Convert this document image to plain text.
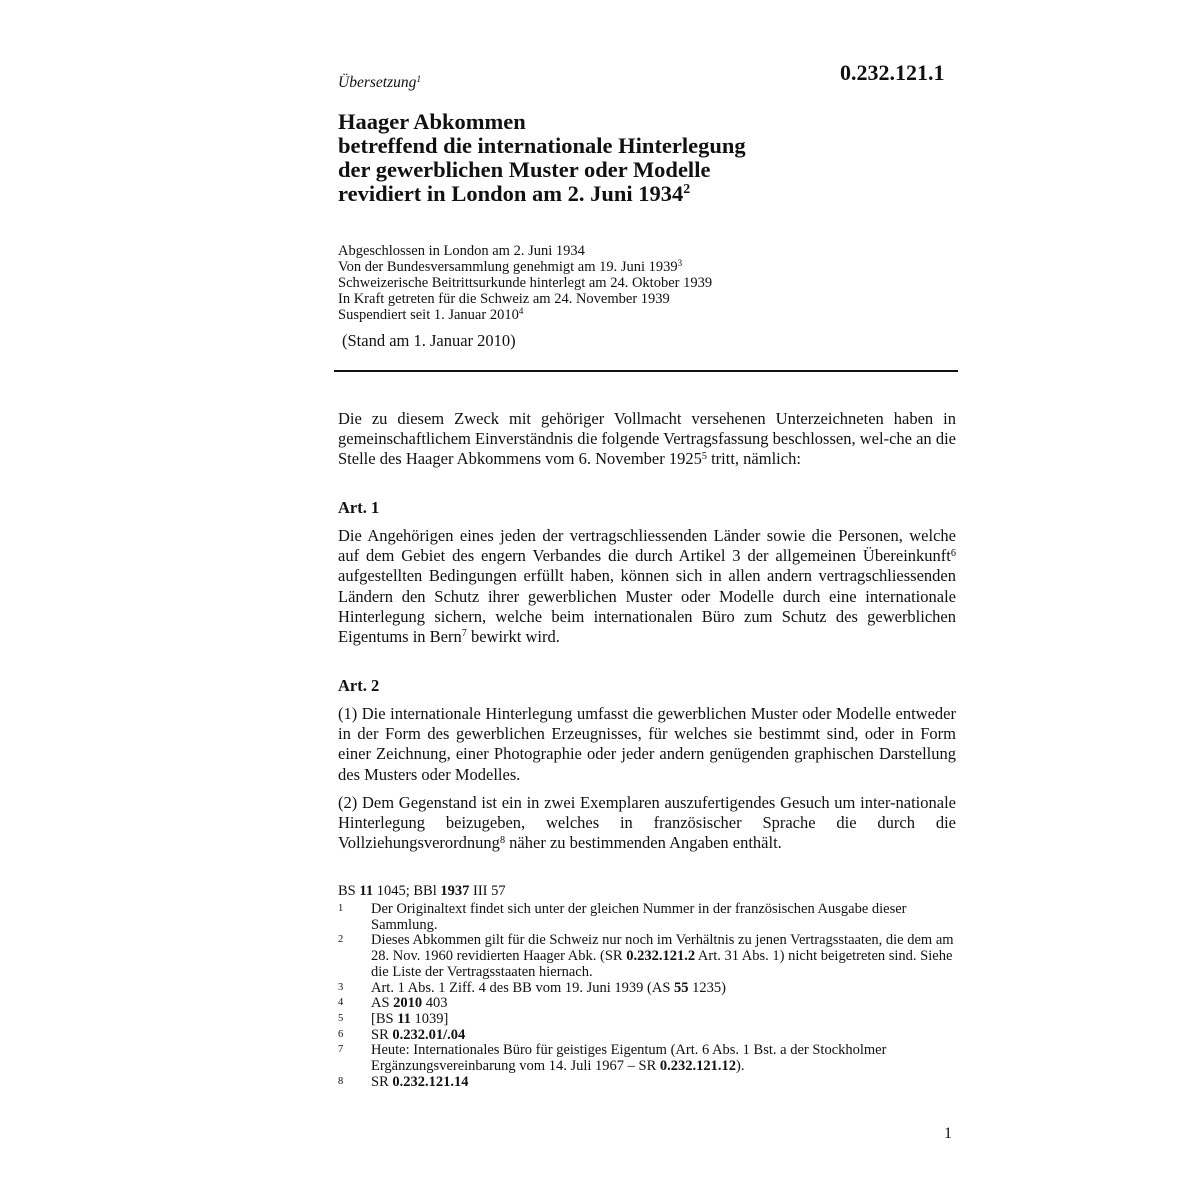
Übersetzung$^1$	0.232.121.1
Haager Abkommen
betreffend die internationale Hinterlegung
der gewerblichen Muster oder Modelle
revidiert in London am 2. Juni 1934$^2$
Abgeschlossen in London am 2. Juni 1934
Von der Bundesversammlung genehmigt am 19. Juni 1939$^3$
Schweizerische Beitrittsurkunde hinterlegt am 24. Oktober 1939
In Kraft getreten für die Schweiz am 24. November 1939
Suspendiert seit 1. Januar 2010$^4$
(Stand am 1. Januar 2010)
Die zu diesem Zweck mit gehöriger Vollmacht versehenen Unterzeichneten haben in gemeinschaftlichem Einverständnis die folgende Vertragsfassung beschlossen, wel-che an die Stelle des Haager Abkommens vom 6. November 1925$^5$ tritt, nämlich:
Art. 1
Die Angehörigen eines jeden der vertragschliessenden Länder sowie die Personen, welche auf dem Gebiet des engern Verbandes die durch Artikel 3 der allgemeinen Übereinkunft$^6$ aufgestellten Bedingungen erfüllt haben, können sich in allen andern vertragschliessenden Ländern den Schutz ihrer gewerblichen Muster oder Modelle durch eine internationale Hinterlegung sichern, welche beim internationalen Büro zum Schutz des gewerblichen Eigentums in Bern$^7$ bewirkt wird.
Art. 2
(1) Die internationale Hinterlegung umfasst die gewerblichen Muster oder Modelle entweder in der Form des gewerblichen Erzeugnisses, für welches sie bestimmt sind, oder in Form einer Zeichnung, einer Photographie oder jeder andern genügenden graphischen Darstellung des Musters oder Modelles.
(2) Dem Gegenstand ist ein in zwei Exemplaren auszufertigendes Gesuch um inter-nationale Hinterlegung beizugeben, welches in französischer Sprache die durch die Vollziehungsverordnung$^8$ näher zu bestimmenden Angaben enthält.
BS 11 1045; BBl 1937 III 57
1 Der Originaltext findet sich unter der gleichen Nummer in der französischen Ausgabe dieser Sammlung.
2 Dieses Abkommen gilt für die Schweiz nur noch im Verhältnis zu jenen Vertragsstaaten, die dem am 28. Nov. 1960 revidierten Haager Abk. (SR 0.232.121.2 Art. 31 Abs. 1) nicht beigetreten sind. Siehe die Liste der Vertragsstaaten hiernach.
3 Art. 1 Abs. 1 Ziff. 4 des BB vom 19. Juni 1939 (AS 55 1235)
4 AS 2010 403
5 [BS 11 1039]
6 SR 0.232.01/.04
7 Heute: Internationales Büro für geistiges Eigentum (Art. 6 Abs. 1 Bst. a der Stockholmer Ergänzungsvereinbarung vom 14. Juli 1967 – SR 0.232.121.12).
8 SR 0.232.121.14
1
